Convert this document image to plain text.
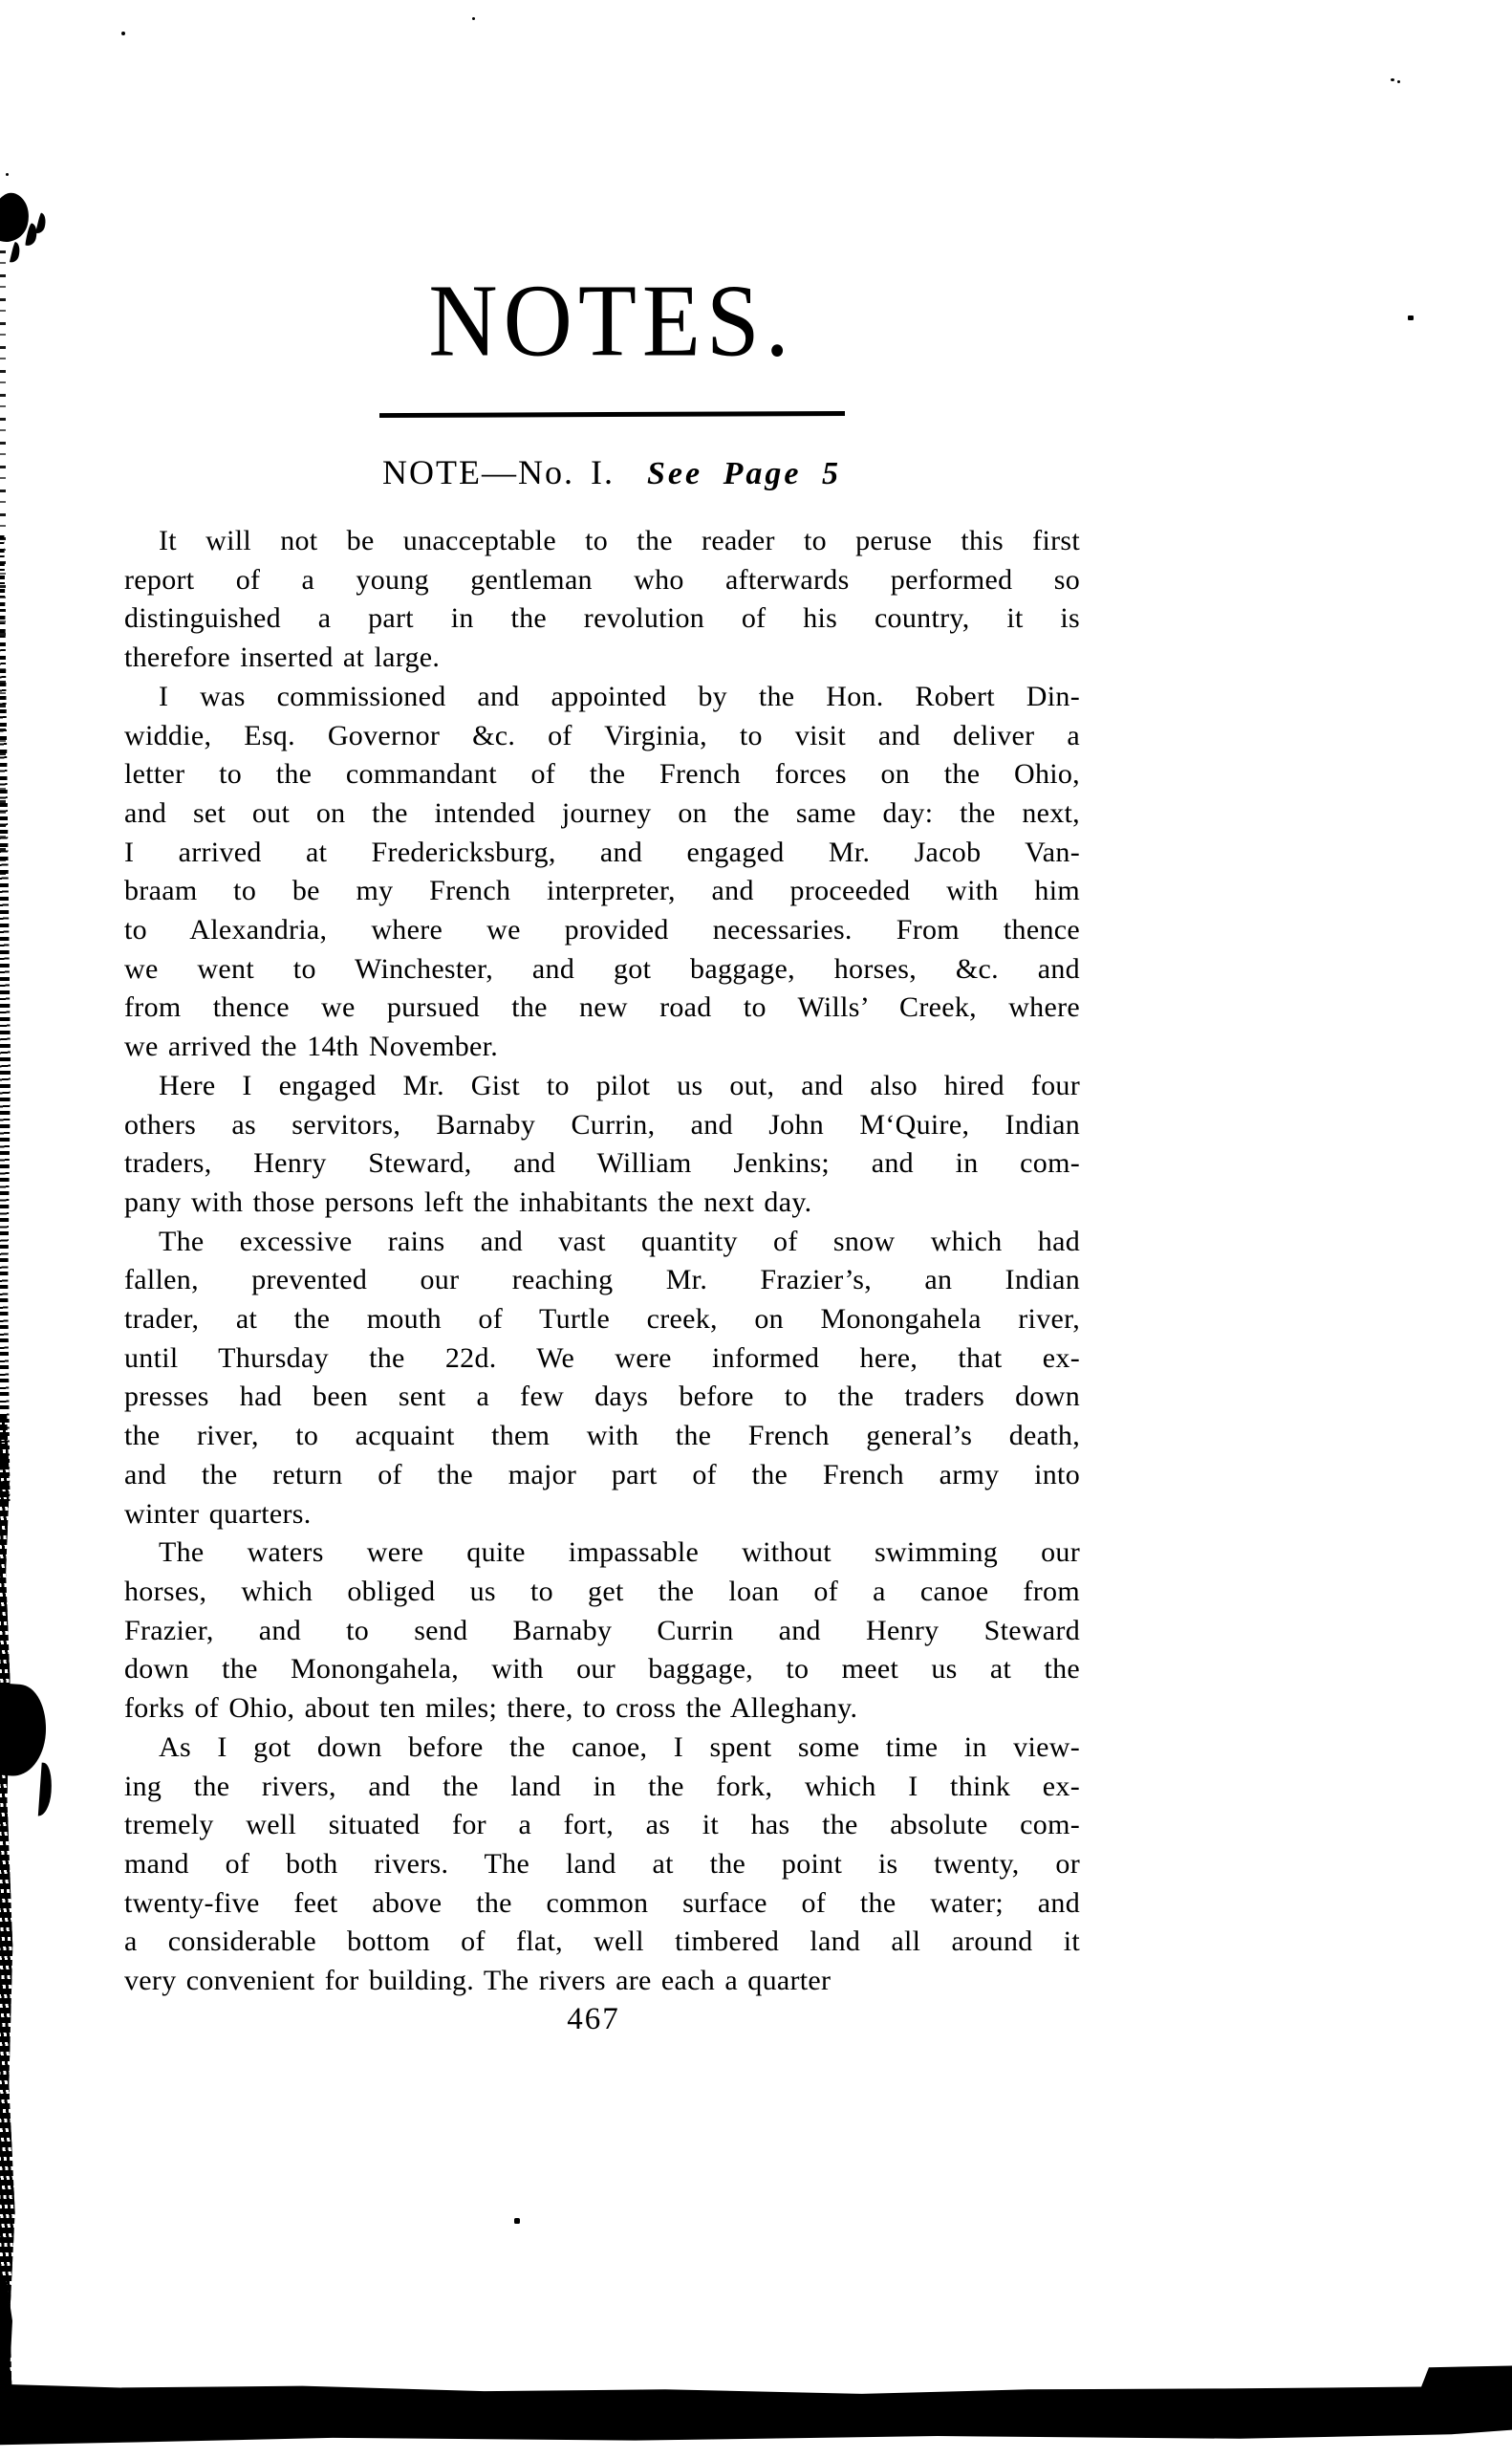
NOTES.
NOTE—No. I. See Page 5
It will not be unacceptable to the reader to peruse this first
report of a young gentleman who afterwards performed so
distinguished a part in the revolution of his country, it is
therefore inserted at large.
I was commissioned and appointed by the Hon. Robert Din-
widdie, Esq. Governor &c. of Virginia, to visit and deliver a
letter to the commandant of the French forces on the Ohio,
and set out on the intended journey on the same day: the next,
I arrived at Fredericksburg, and engaged Mr. Jacob Van-
braam to be my French interpreter, and proceeded with him
to Alexandria, where we provided necessaries. From thence
we went to Winchester, and got baggage, horses, &c. and
from thence we pursued the new road to Wills’ Creek, where
we arrived the 14th November.
Here I engaged Mr. Gist to pilot us out, and also hired four
others as servitors, Barnaby Currin, and John M‘Quire, Indian
traders, Henry Steward, and William Jenkins; and in com-
pany with those persons left the inhabitants the next day.
The excessive rains and vast quantity of snow which had
fallen, prevented our reaching Mr. Frazier’s, an Indian
trader, at the mouth of Turtle creek, on Monongahela river,
until Thursday the 22d. We were informed here, that ex-
presses had been sent a few days before to the traders down
the river, to acquaint them with the French general’s death,
and the return of the major part of the French army into
winter quarters.
The waters were quite impassable without swimming our
horses, which obliged us to get the loan of a canoe from
Frazier, and to send Barnaby Currin and Henry Steward
down the Monongahela, with our baggage, to meet us at the
forks of Ohio, about ten miles; there, to cross the Alleghany.
As I got down before the canoe, I spent some time in view-
ing the rivers, and the land in the fork, which I think ex-
tremely well situated for a fort, as it has the absolute com-
mand of both rivers. The land at the point is twenty, or
twenty-five feet above the common surface of the water; and
a considerable bottom of flat, well timbered land all around it
very convenient for building. The rivers are each a quarter
467
